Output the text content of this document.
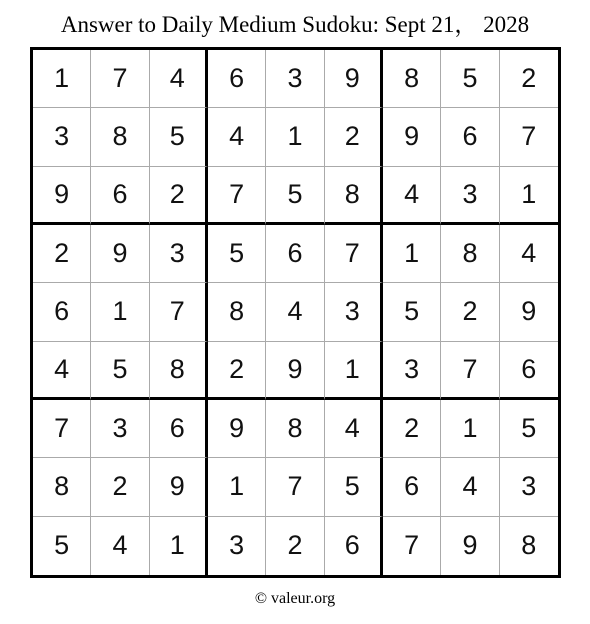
Answer to Daily Medium Sudoku: Sept 21， 2028
1	7	4	6	3	9	8	5	2
3	8	5	4	1	2	9	6	7
9	6	2	7	5	8	4	3	1
2	9	3	5	6	7	1	8	4
6	1	7	8	4	3	5	2	9
4	5	8	2	9	1	3	7	6
7	3	6	9	8	4	2	1	5
8	2	9	1	7	5	6	4	3
5	4	1	3	2	6	7	9	8
© valeur.org
